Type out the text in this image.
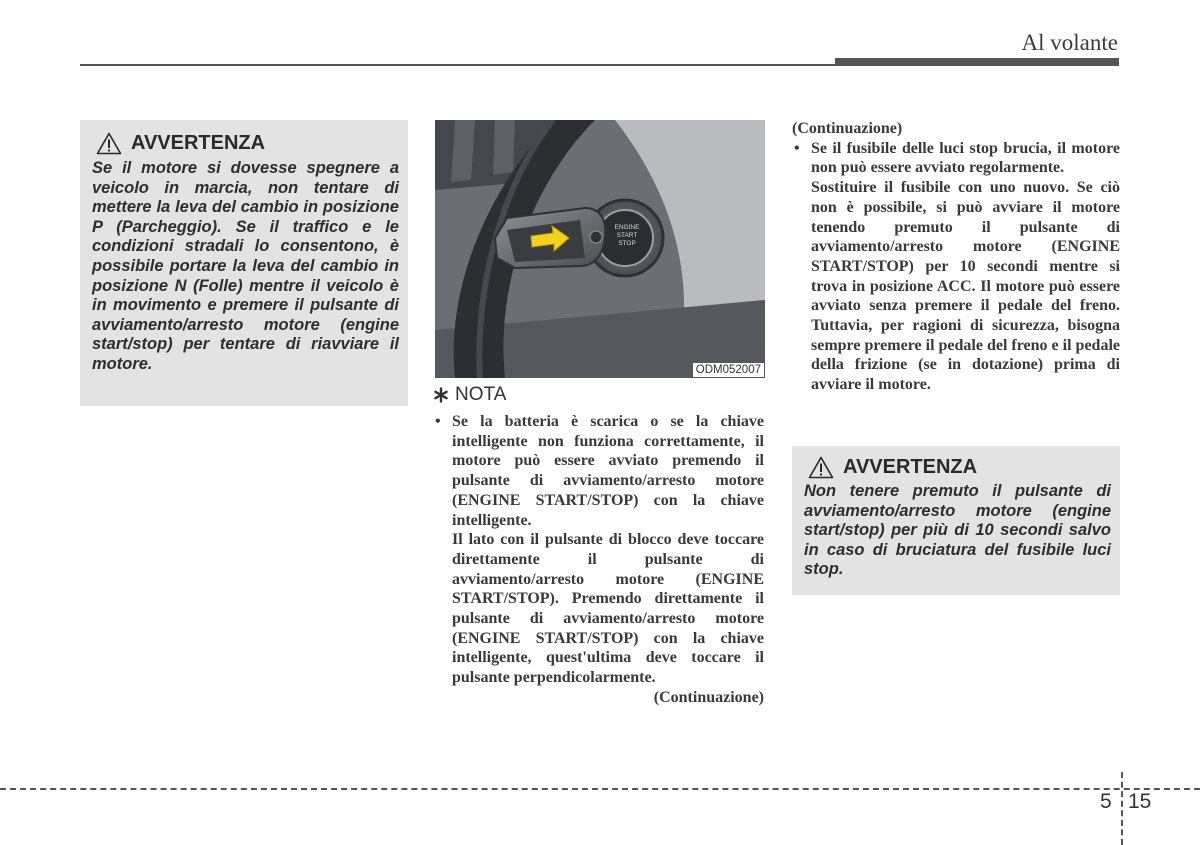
Al volante
AVVERTENZA
Se il motore si dovesse spegnere a veicolo in marcia, non tentare di mettere la leva del cambio in posizione P (Parcheggio). Se il traffico e le condizioni stradali lo consentono, è possibile portare la leva del cambio in posizione N (Folle) mentre il veicolo è in movimento e premere il pulsante di avviamento/arresto motore (engine start/stop) per tentare di riavviare il motore.
ENGINE
START
STOP
ODM052007
NOTA
• Se la batteria è scarica o se la chiave intelligente non funziona correttamente, il motore può essere avviato premendo il pulsante di avviamento/arresto motore (ENGINE START/STOP) con la chiave intelligente.
Il lato con il pulsante di blocco deve toccare direttamente il pulsante di avviamento/arresto motore (ENGINE START/STOP). Premendo direttamente il pulsante di avviamento/arresto motore (ENGINE START/STOP) con la chiave intelligente, quest'ultima deve toccare il pulsante perpendicolarmente.
(Continuazione)
(Continuazione)
• Se il fusibile delle luci stop brucia, il motore non può essere avviato regolarmente.
Sostituire il fusibile con uno nuovo. Se ciò non è possibile, si può avviare il motore tenendo premuto il pulsante di avviamento/arresto motore (ENGINE START/STOP) per 10 secondi mentre si trova in posizione ACC. Il motore può essere avviato senza premere il pedale del freno. Tuttavia, per ragioni di sicurezza, bisogna sempre premere il pedale del freno e il pedale della frizione (se in dotazione) prima di avviare il motore.
AVVERTENZA
Non tenere premuto il pulsante di avviamento/arresto motore (engine start/stop) per più di 10 secondi salvo in caso di bruciatura del fusibile luci stop.
5 15
